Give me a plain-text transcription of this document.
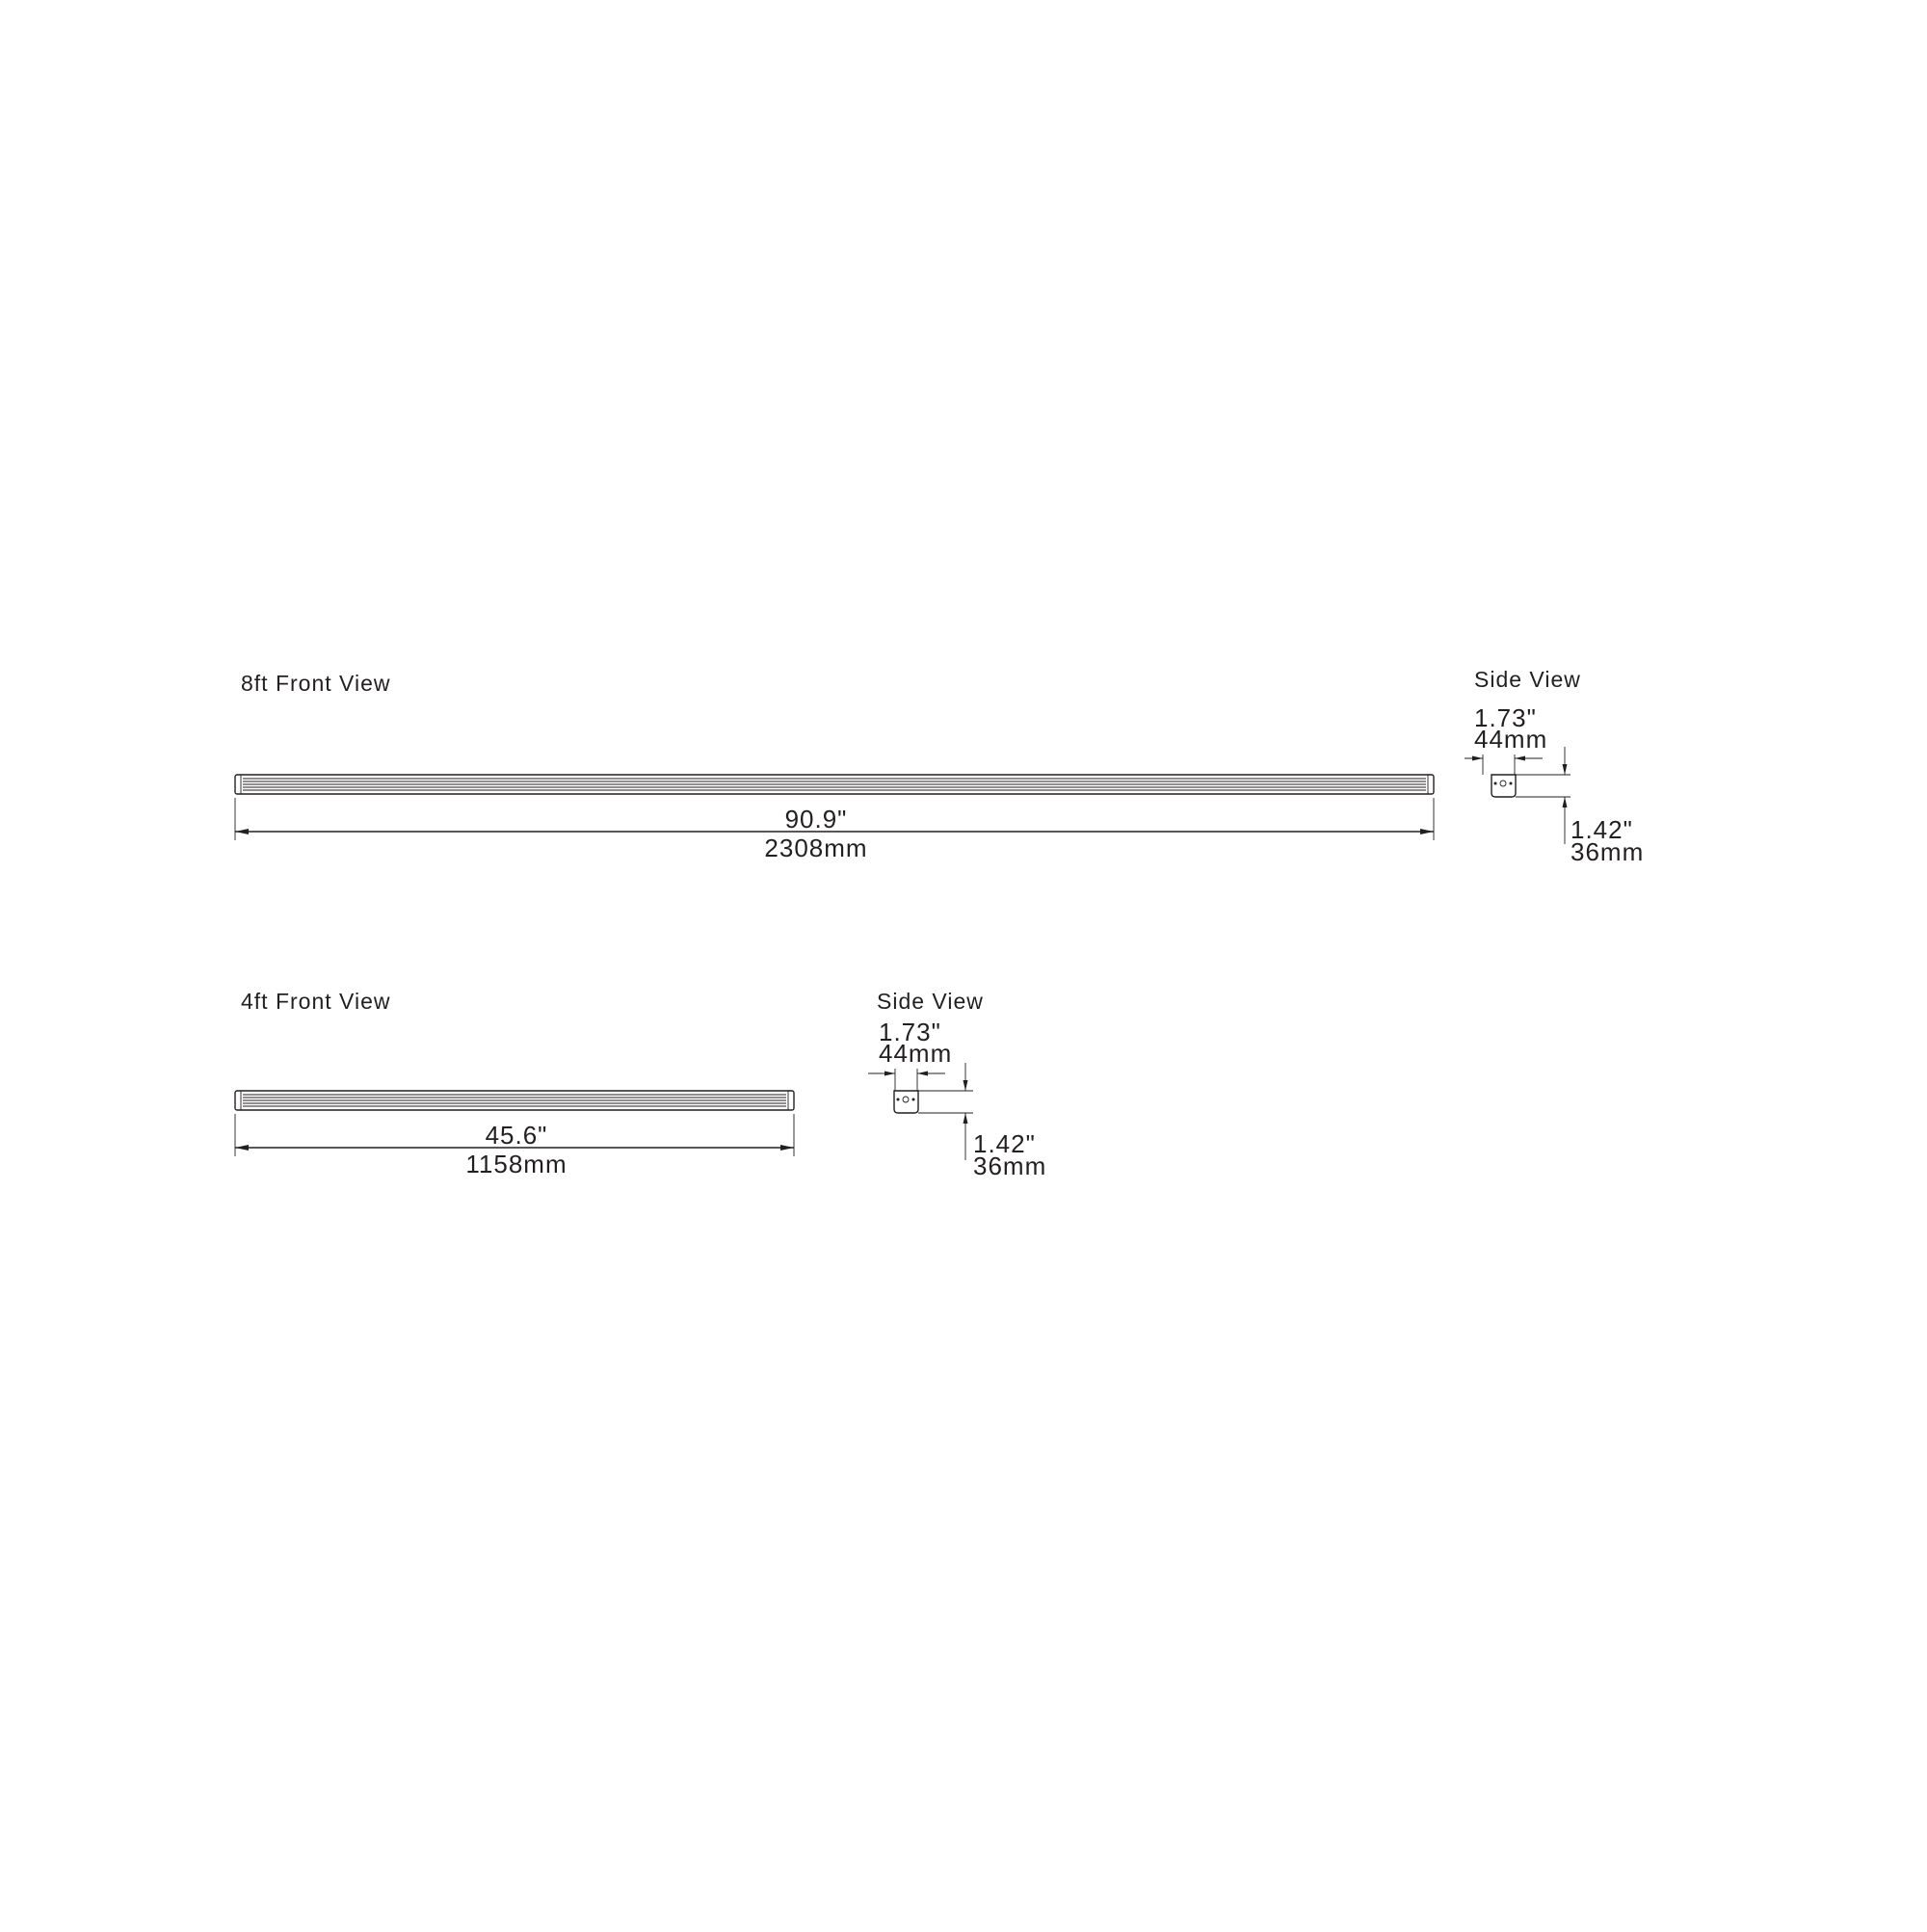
8ft Front View
90.9"
2308mm
Side View
1.73"
44mm
1.42"
36mm
4ft Front View
45.6"
1158mm
Side View
1.73"
44mm
1.42"
36mm
